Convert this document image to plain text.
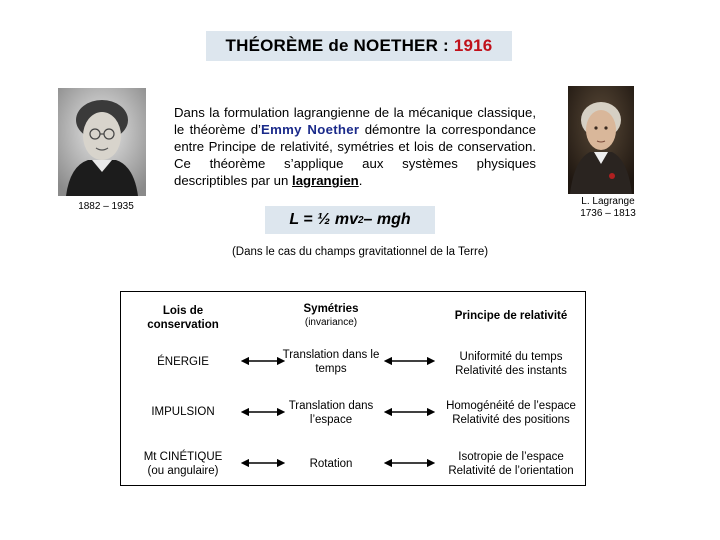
THÉORÈME de NOETHER : 1916
1882 – 1935
Dans la formulation lagrangienne de la mécanique classique, le théorème d’Emmy Noether démontre la correspondance entre Principe de relativité, symétries et lois de conservation. Ce théorème s’applique aux systèmes physiques descriptibles par un lagrangien.
L. Lagrange
1736 – 1813
L = ½ mv 2 – mgh
(Dans le cas du champs gravitationnel de la Terre)
Lois de conservation
Symétries
(invariance)
Principe de relativité
ÉNERGIE
Translation dans le temps
Uniformité du temps Relativité des instants
IMPULSION	Translation dans l’espace
Homogénéité de l’espace Relativité des positions
Mt CINÉTIQUE (ou angulaire)
Rotation
Isotropie de l’espace Relativité de l’orientation
